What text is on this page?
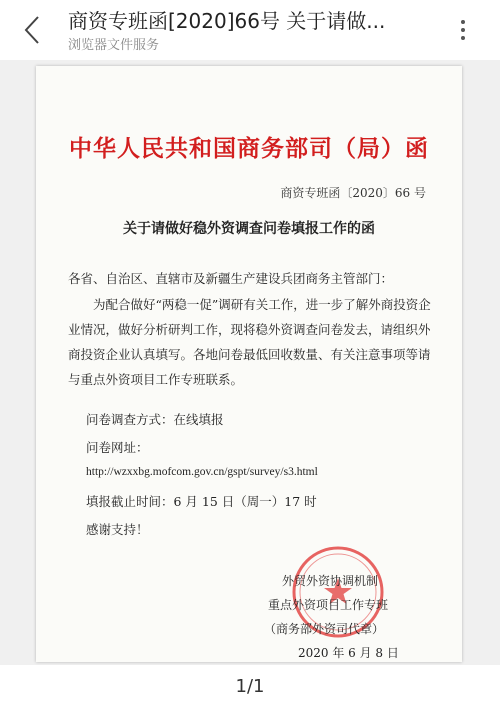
商资专班函[2020]66号 关于请做...
浏览器文件服务
中华人民共和国商务部司（局）函
商资专班函〔2020〕66 号
关于请做好稳外资调查问卷填报工作的函
各省、自治区、直辖市及新疆生产建设兵团商务主管部门：
为配合做好“两稳一促”调研有关工作，进一步了解外商投资企业情况，做好分析研判工作，现将稳外资调查问卷发去，请组织外商投资企业认真填写。各地问卷最低回收数量、有关注意事项等请与重点外资项目工作专班联系。
问卷调查方式：在线填报
问卷网址：
http://wzxxbg.mofcom.gov.cn/gspt/survey/s3.html
填报截止时间：6 月 15 日（周一）17 时
感谢支持！
外贸外资协调机制
重点外资项目工作专班
（商务部外资司代章）
2020 年 6 月 8 日
1/1
